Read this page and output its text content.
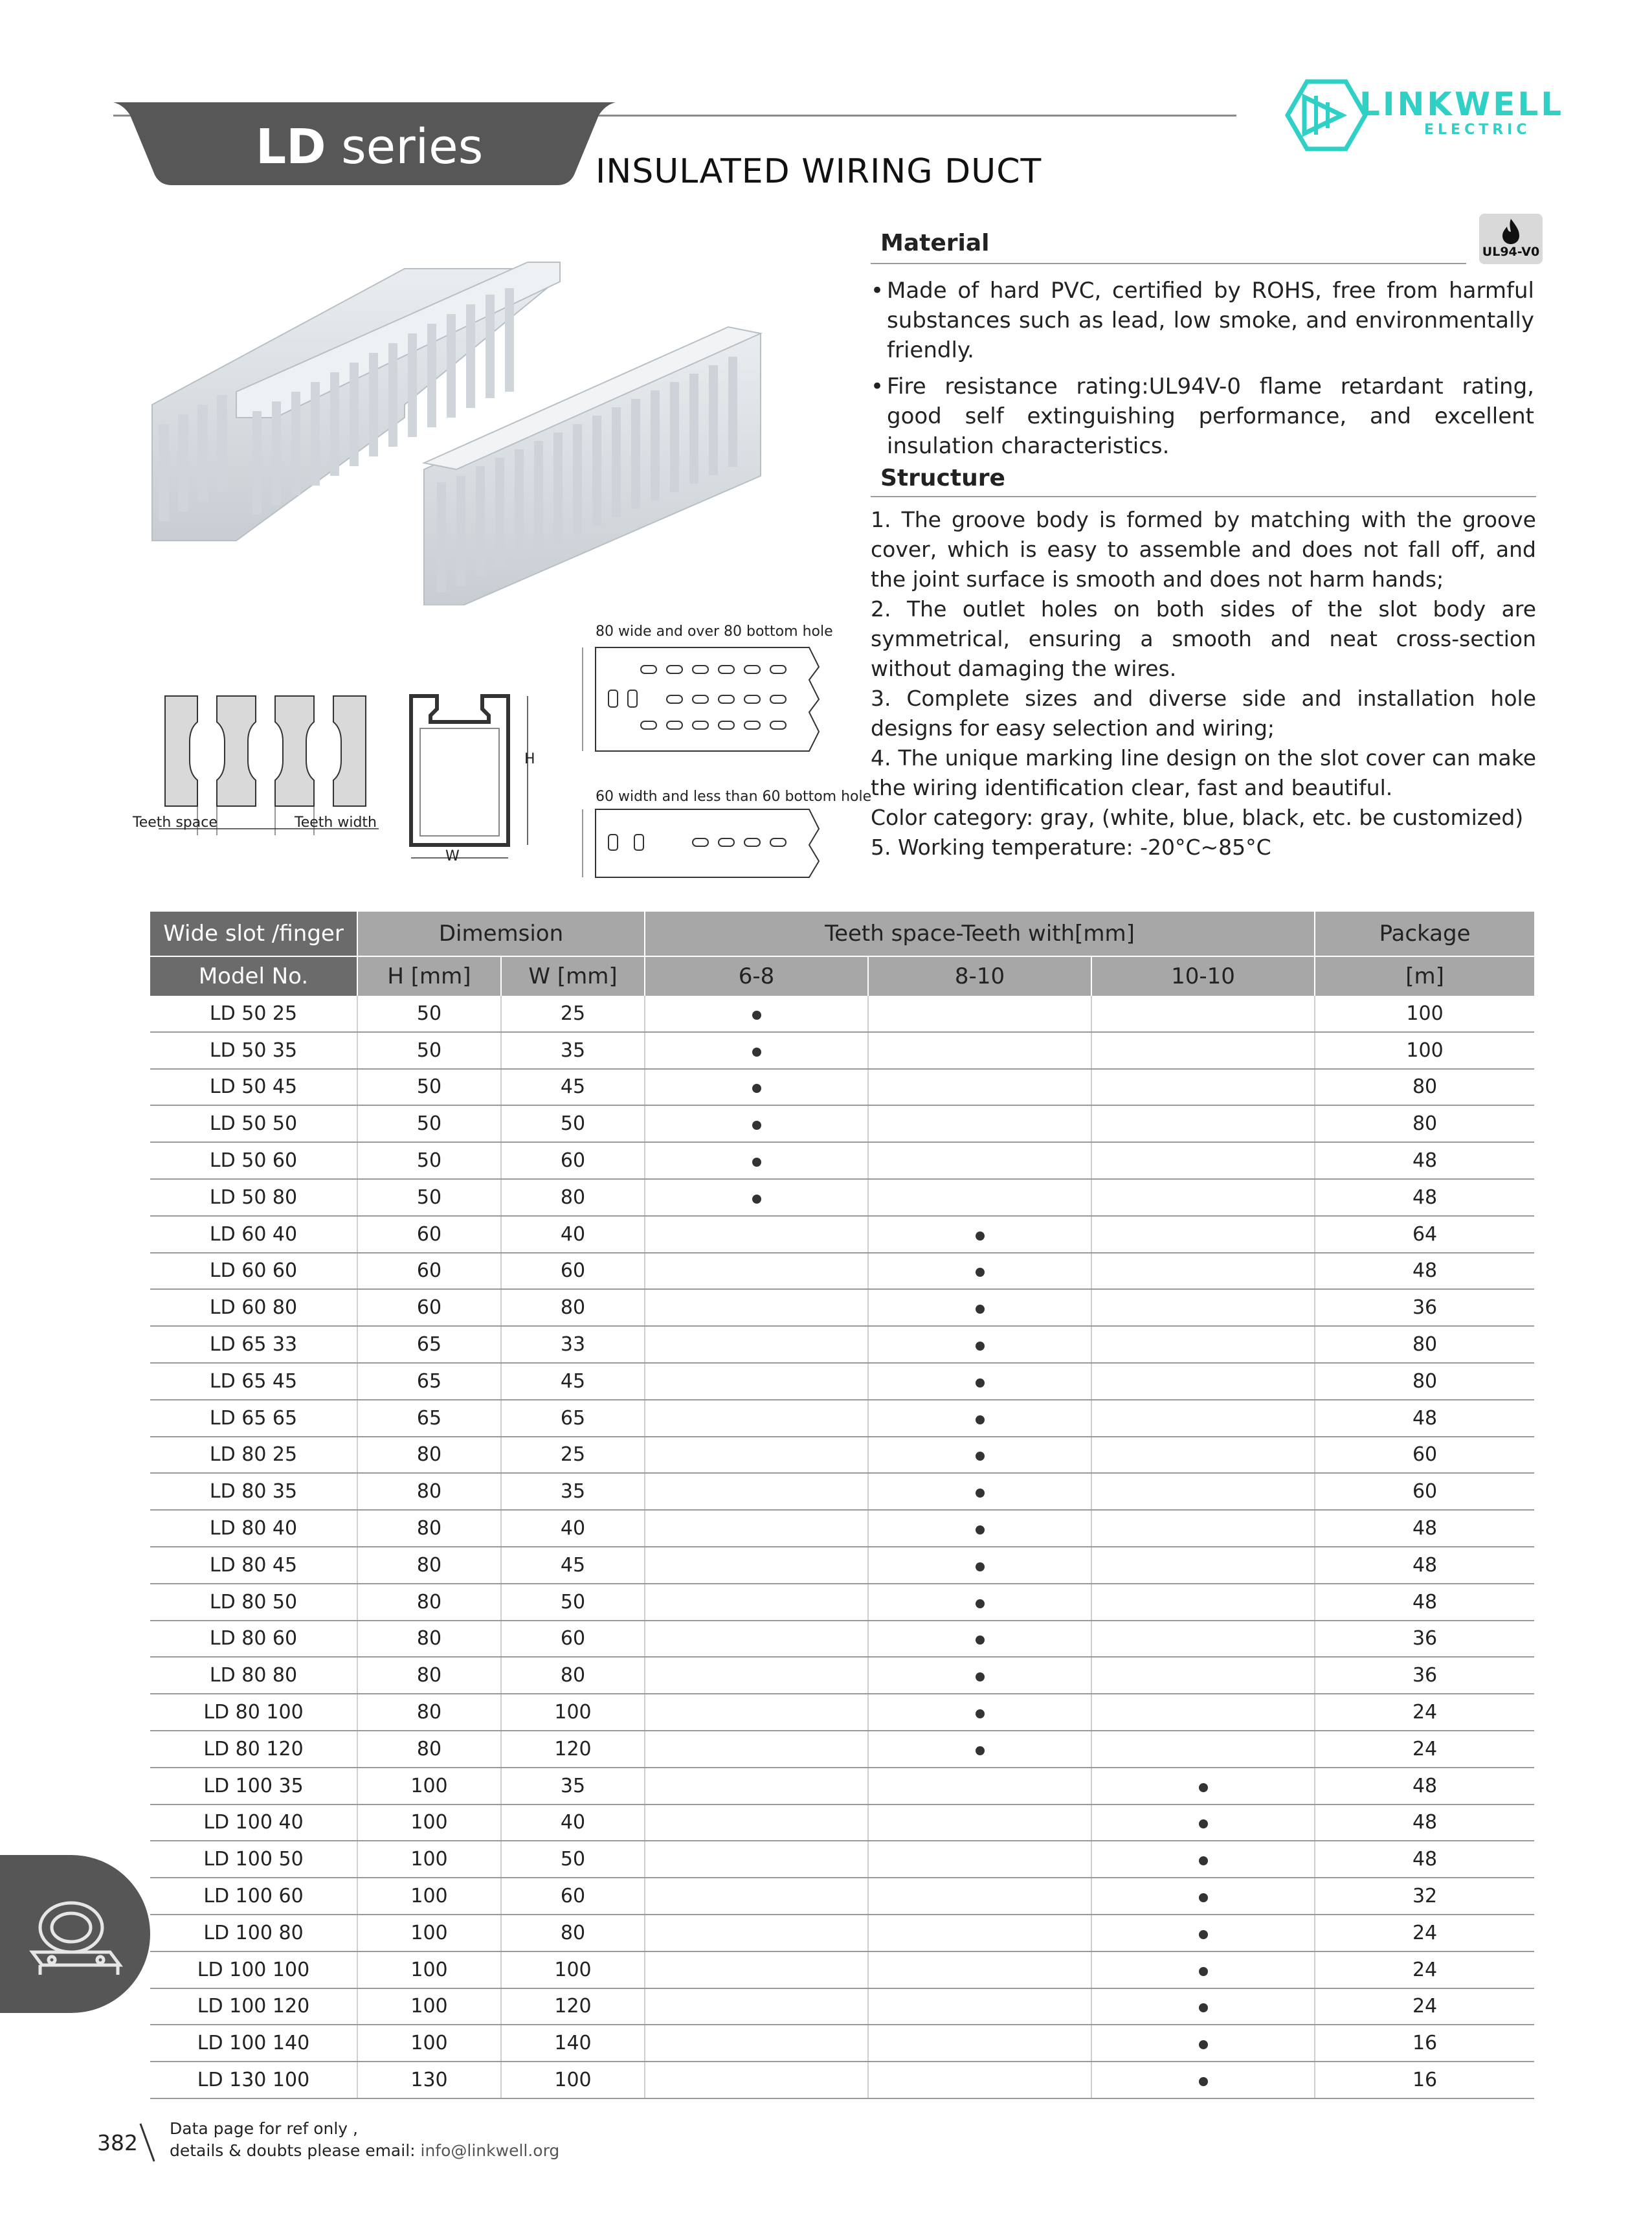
LD series	INSULATED WIRING DUCT
LINKWELL
ELECTRIC
Material	UL94-V0
• Made of hard PVC, certified by ROHS, free from harmful substances such as lead, low smoke, and environmentally friendly.
• Fire resistance rating:UL94V-0 flame retardant rating, good self extinguishing performance, and excellent insulation characteristics.
Structure

1. The groove body is formed by matching with the groove cover, which is easy to assemble and does not fall off, and the joint surface is smooth and does not harm hands;

2. The outlet holes on both sides of the slot body are symmetrical, ensuring a smooth and neat cross-section without damaging the wires.

3. Complete sizes and diverse side and installation hole designs for easy selection and wiring;

4. The unique marking line design on the slot cover can make the wiring identification clear, fast and beautiful.

Color category: gray, (white, blue, black, etc. be customized)

5. Working temperature: -20°C~85°C

Teeth space	Teeth width
H
W
80 wide and over 80 bottom hole
60 width and less than 60 bottom hole
Wide slot /finger	Dimemsion		Teeth space-Teeth with[mm]			Package
Model No.	H [mm]	W [mm]	6-8	8-10	10-10	[m]
LD 50 25	50	25				100
LD 50 35	50	35				100
LD 50 45	50	45				80
LD 50 50	50	50				80
LD 50 60	50	60				48
LD 50 80	50	80				48
LD 60 40	60	40				64
LD 60 60	60	60				48
LD 60 80	60	80				36
LD 65 33	65	33				80
LD 65 45	65	45				80
LD 65 65	65	65				48
LD 80 25	80	25				60
LD 80 35	80	35				60
LD 80 40	80	40				48
LD 80 45	80	45				48
LD 80 50	80	50				48
LD 80 60	80	60				36
LD 80 80	80	80				36
LD 80 100	80	100				24
LD 80 120	80	120				24
LD 100 35	100	35				48
LD 100 40	100	40				48
LD 100 50	100	50				48
LD 100 60	100	60				32
LD 100 80	100	80				24
LD 100 100	100	100				24
LD 100 120	100	120				24
LD 100 140	100	140				16
LD 130 100	130	100				16
382
Data page for ref only ,
details & doubts please email: info@linkwell.org
